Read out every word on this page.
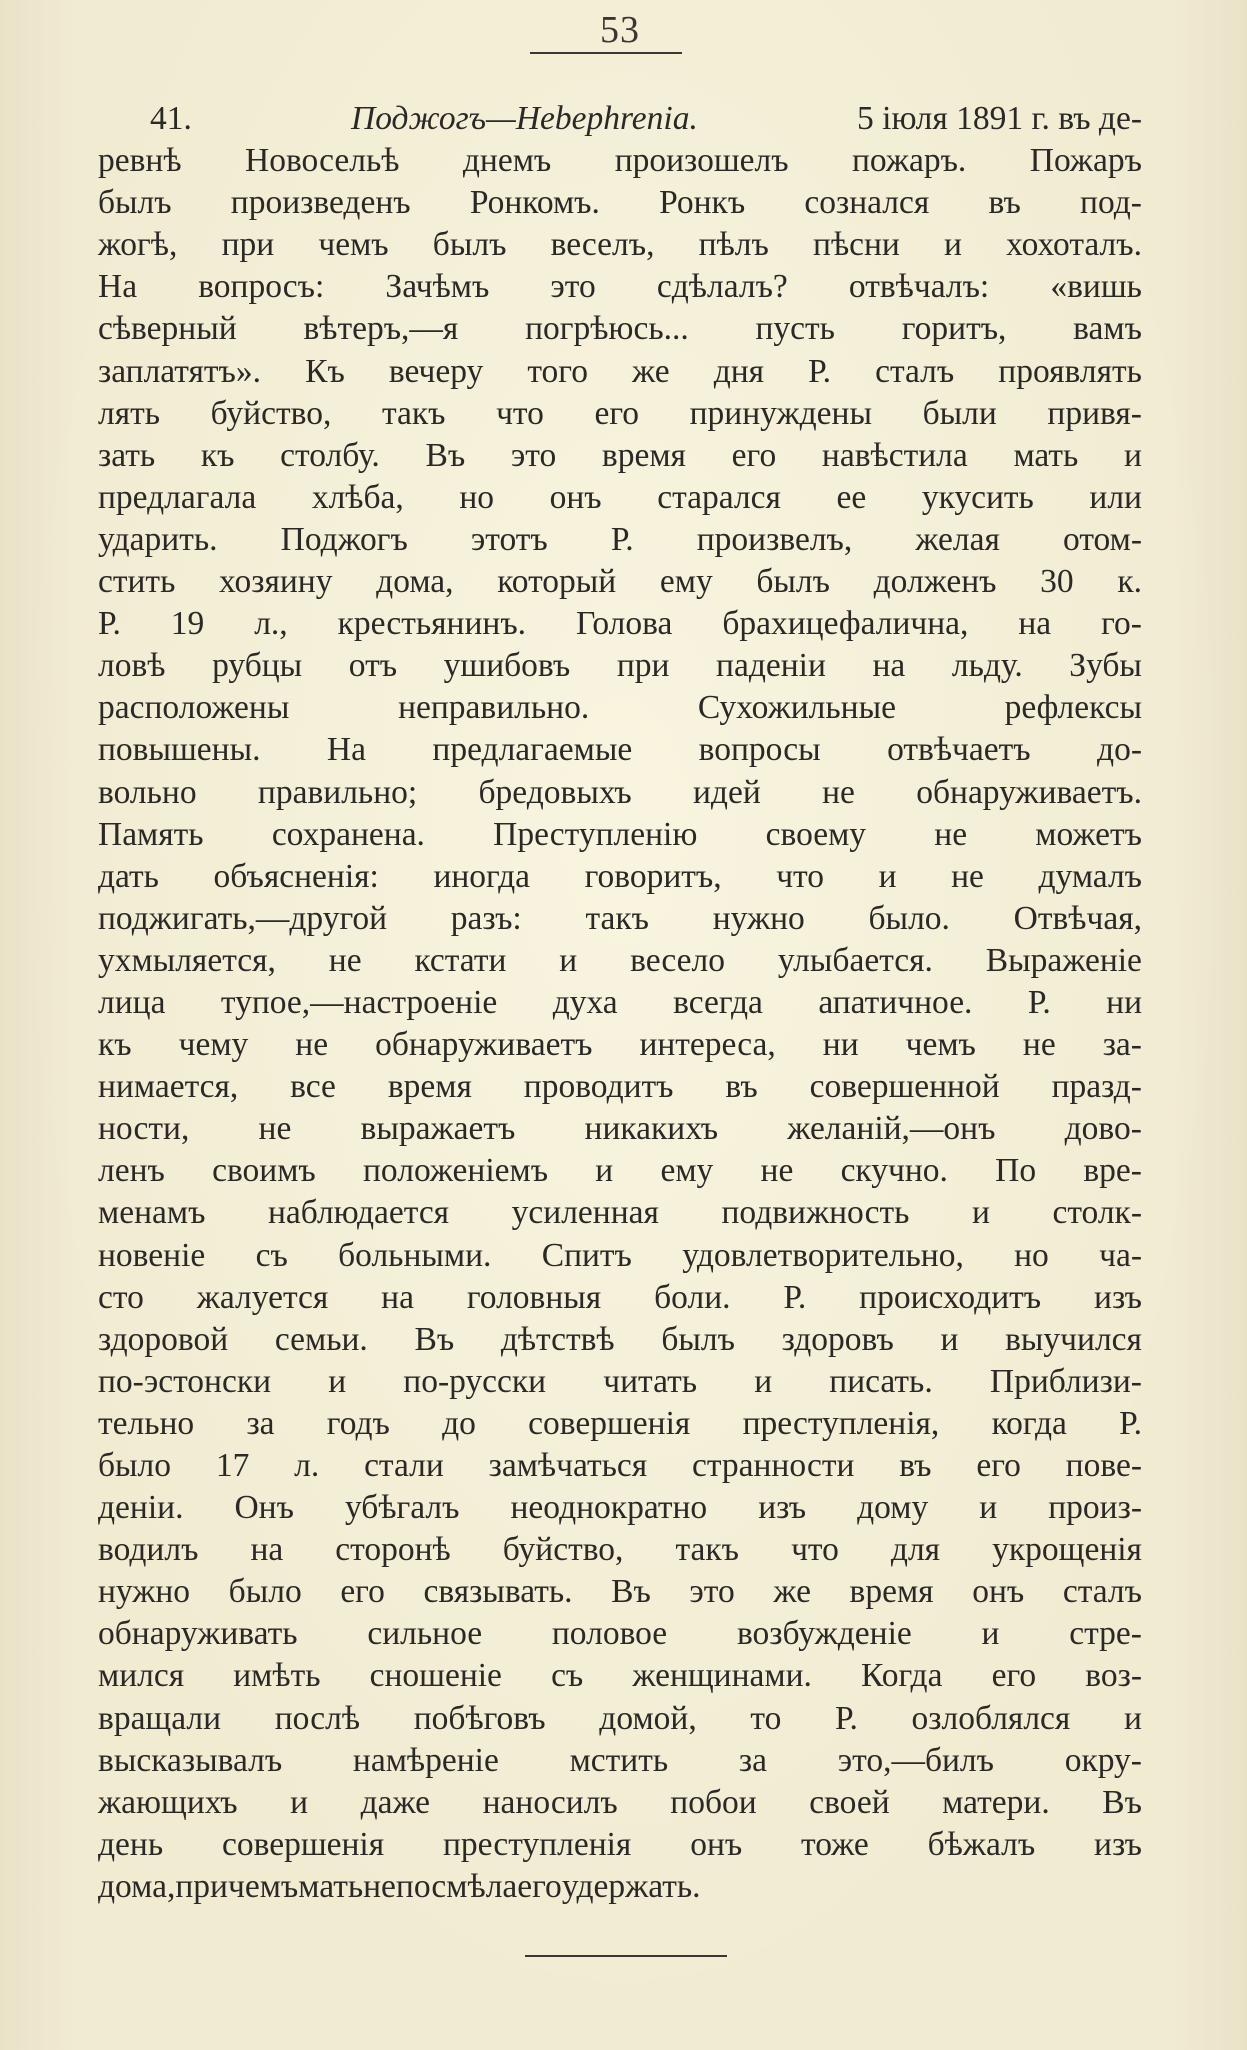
53
41.	Поджогъ—Hebephrenia.	5 іюля 1891 г. въ де-
ревнѣ Новосельѣ днемъ произошелъ пожаръ. Пожаръ
былъ произведенъ Ронкомъ. Ронкъ сознался въ под-
жогѣ, при чемъ былъ веселъ, пѣлъ пѣсни и хохоталъ.
На вопросъ: Зачѣмъ это сдѣлалъ? отвѣчалъ: «вишь
сѣверный вѣтеръ,—я погрѣюсь... пусть горитъ, вамъ
заплатятъ». Къ вечеру того же дня Р. сталъ проявлять
лять буйство, такъ что его принуждены были привя-
зать къ столбу. Въ это время его навѣстила мать и
предлагала хлѣба, но онъ старался ее укусить или
ударить. Поджогъ этотъ Р. произвелъ, желая отом-
стить хозяину дома, который ему былъ долженъ 30 к.
Р. 19 л., крестьянинъ. Голова брахицефалична, на го-
ловѣ рубцы отъ ушибовъ при паденіи на льду. Зубы
расположены	неправильно.	Сухожильные	рефлексы
повышены. На предлагаемые вопросы отвѣчаетъ до-
вольно правильно; бредовыхъ идей не обнаруживаетъ.
Память сохранена. Преступленію своему не можетъ
дать объясненія: иногда говоритъ, что и не думалъ
поджигать,—другой разъ: такъ нужно было. Отвѣчая,
ухмыляется, не кстати и весело улыбается. Выраженіе
лица тупое,—настроеніе духа всегда апатичное. Р. ни
къ чему не обнаруживаетъ интереса, ни чемъ не за-
нимается, все время проводитъ въ совершенной празд-
ности, не выражаетъ никакихъ желаній,—онъ дово-
ленъ своимъ положеніемъ и ему не скучно. По вре-
менамъ наблюдается усиленная подвижность и столк-
новеніе съ больными. Спитъ удовлетворительно, но ча-
сто жалуется на головныя боли. Р. происходитъ изъ
здоровой семьи. Въ дѣтствѣ былъ здоровъ и выучился
по-эстонски и по-русски читать и писать. Приблизи-
тельно за годъ до совершенія преступленія, когда Р.
было 17 л. стали замѣчаться странности въ его пове-
деніи. Онъ убѣгалъ неоднократно изъ дому и произ-
водилъ на сторонѣ буйство, такъ что для укрощенія
нужно было его связывать. Въ это же время онъ сталъ
обнаруживать сильное половое возбужденіе и стре-
мился имѣть сношеніе съ женщинами. Когда его воз-
вращали послѣ побѣговъ домой, то Р. озлоблялся и
высказывалъ намѣреніе мстить за это,—билъ окру-
жающихъ и даже наносилъ побои своей матери. Въ
день совершенія преступленія онъ тоже бѣжалъ изъ
дома, при чемъ мать не посмѣла его удержать.
